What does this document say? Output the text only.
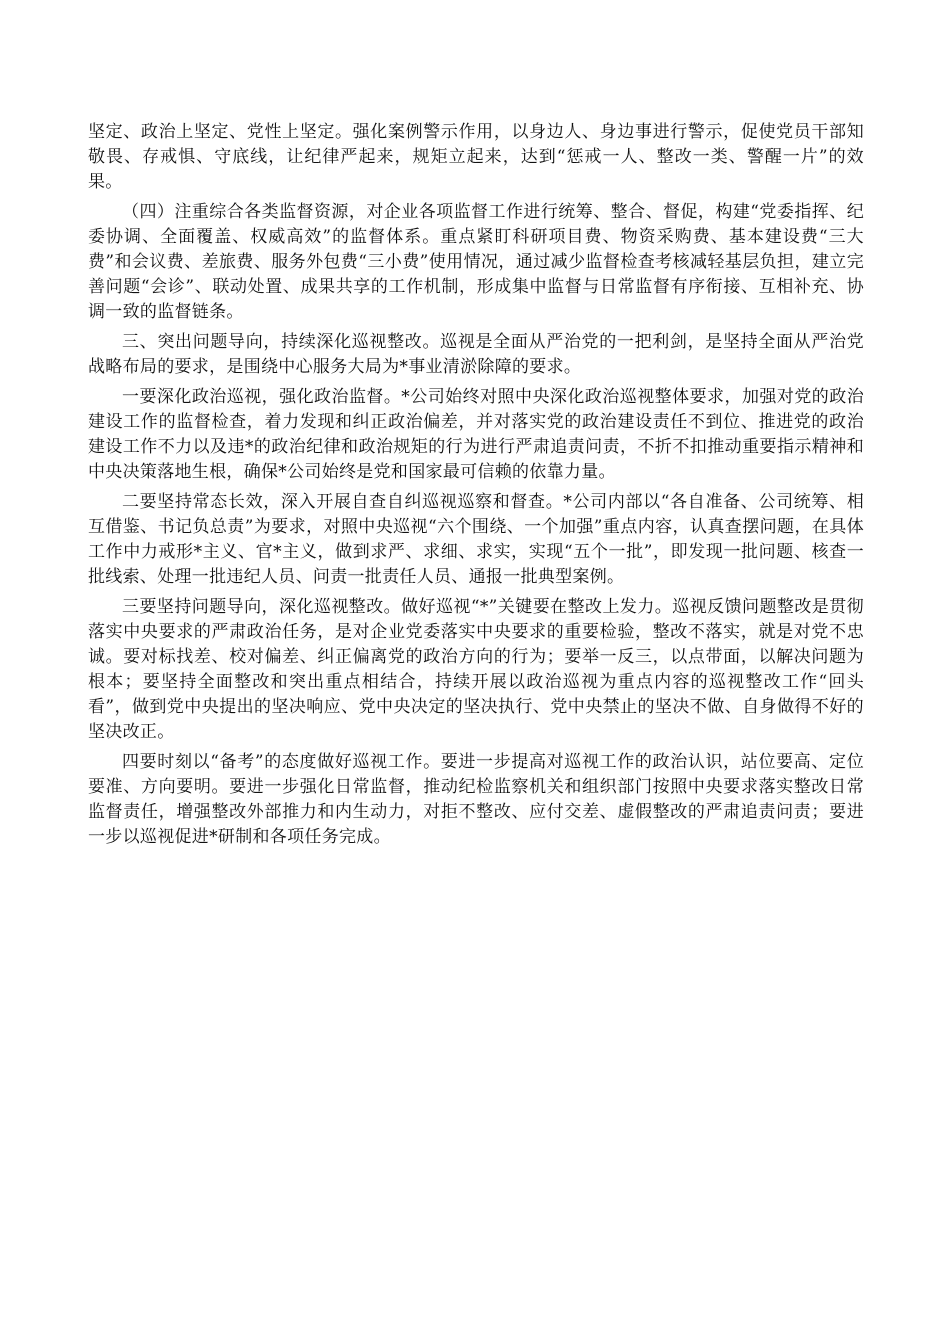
坚定、政治上坚定、党性上坚定。强化案例警示作用，以身边人、身边事进行警示，促使党员干部知敬畏、存戒惧、守底线，让纪律严起来，规矩立起来，达到“惩戒一人、整改一类、警醒一片”的效果。

（四）注重综合各类监督资源，对企业各项监督工作进行统筹、整合、督促，构建“党委指挥、纪委协调、全面覆盖、权威高效”的监督体系。重点紧盯科研项目费、物资采购费、基本建设费“三大费”和会议费、差旅费、服务外包费“三小费”使用情况，通过减少监督检查考核减轻基层负担，建立完善问题“会诊”、联动处置、成果共享的工作机制，形成集中监督与日常监督有序衔接、互相补充、协调一致的监督链条。

三、突出问题导向，持续深化巡视整改。巡视是全面从严治党的一把利剑，是坚持全面从严治党战略布局的要求，是围绕中心服务大局为*事业清淤除障的要求。

一要深化政治巡视，强化政治监督。*公司始终对照中央深化政治巡视整体要求，加强对党的政治建设工作的监督检查，着力发现和纠正政治偏差，并对落实党的政治建设责任不到位、推进党的政治建设工作不力以及违*的政治纪律和政治规矩的行为进行严肃追责问责，不折不扣推动重要指示精神和中央决策落地生根，确保*公司始终是党和国家最可信赖的依靠力量。

二要坚持常态长效，深入开展自查自纠巡视巡察和督查。*公司内部以“各自准备、公司统筹、相互借鉴、书记负总责”为要求，对照中央巡视“六个围绕、一个加强”重点内容，认真查摆问题，在具体工作中力戒形*主义、官*主义，做到求严、求细、求实，实现“五个一批”，即发现一批问题、核查一批线索、处理一批违纪人员、问责一批责任人员、通报一批典型案例。

三要坚持问题导向，深化巡视整改。做好巡视“*”关键要在整改上发力。巡视反馈问题整改是贯彻落实中央要求的严肃政治任务，是对企业党委落实中央要求的重要检验，整改不落实，就是对党不忠诚。要对标找差、校对偏差、纠正偏离党的政治方向的行为；要举一反三，以点带面，以解决问题为根本；要坚持全面整改和突出重点相结合，持续开展以政治巡视为重点内容的巡视整改工作“回头看”，做到党中央提出的坚决响应、党中央决定的坚决执行、党中央禁止的坚决不做、自身做得不好的坚决改正。

四要时刻以“备考”的态度做好巡视工作。要进一步提高对巡视工作的政治认识，站位要高、定位要准、方向要明。要进一步强化日常监督，推动纪检监察机关和组织部门按照中央要求落实整改日常监督责任，增强整改外部推力和内生动力，对拒不整改、应付交差、虚假整改的严肃追责问责；要进一步以巡视促进*研制和各项任务完成。
